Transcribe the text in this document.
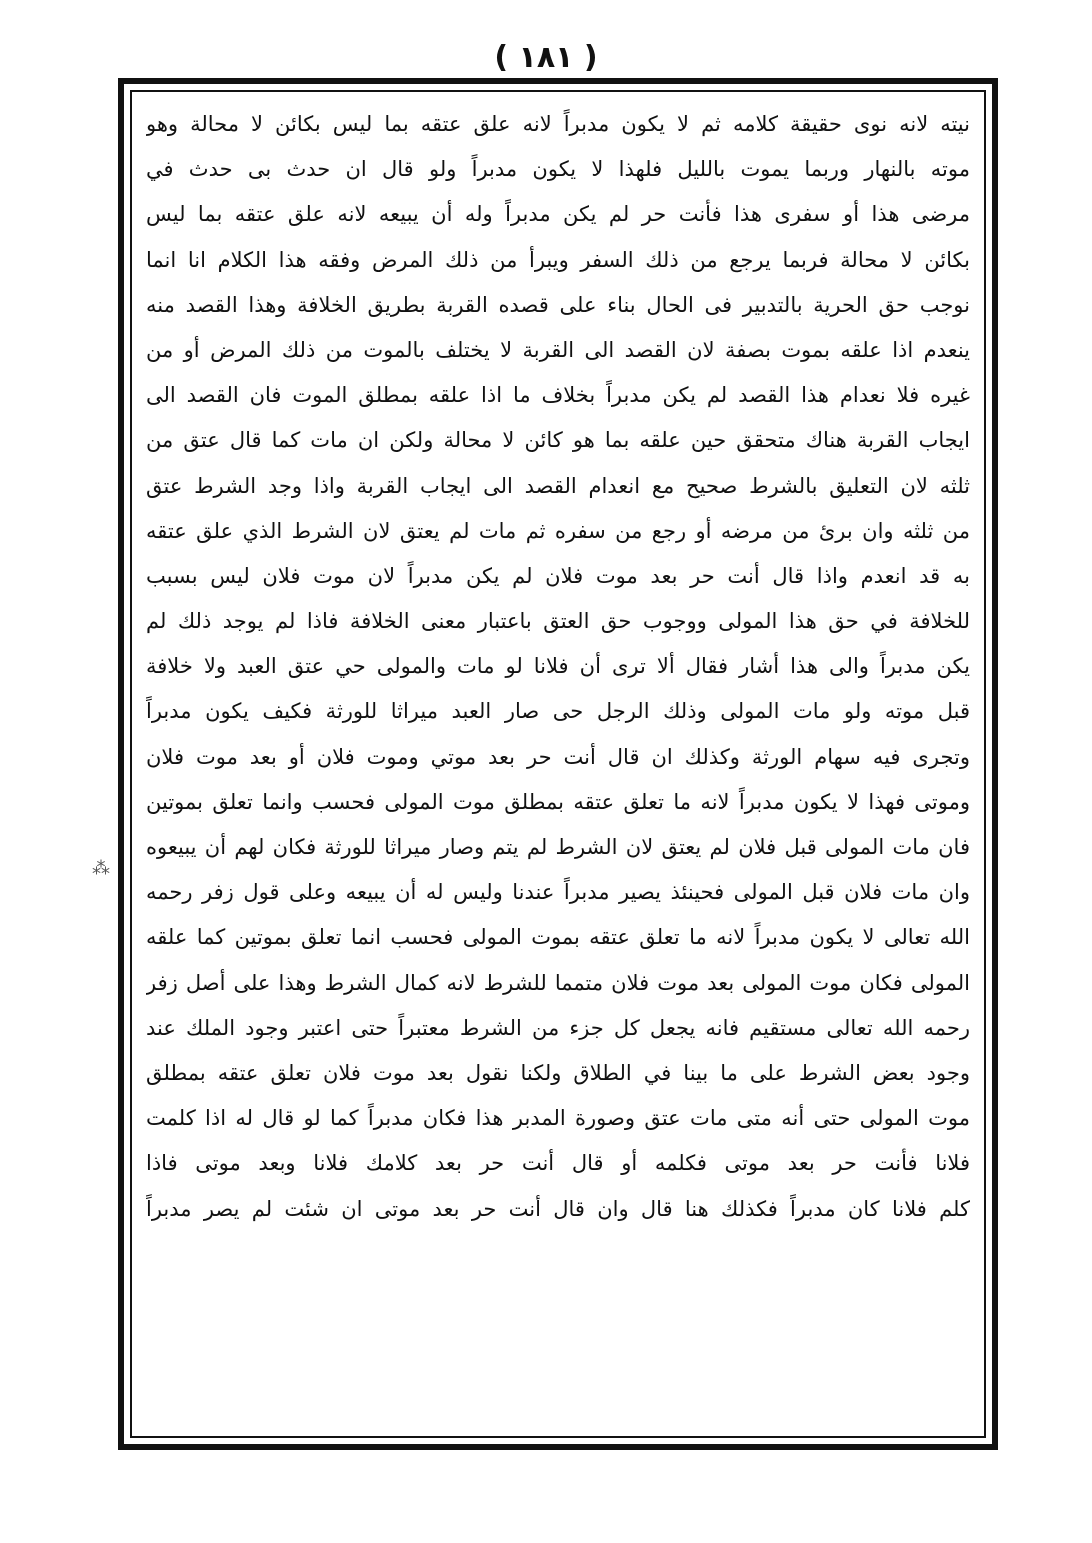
( ١٨١ )
⁂
نيته لانه نوى حقيقة كلامه ثم لا يكون مدبراً لانه علق عتقه بما ليس بكائن لا محالة وهو
موته بالنهار وربما يموت بالليل فلهذا لا يكون مدبراً ولو قال ان حدث بى حدث في
مرضى هذا أو سفرى هذا فأنت حر لم يكن مدبراً وله أن يبيعه لانه علق عتقه بما ليس
بكائن لا محالة فربما يرجع من ذلك السفر ويبرأ من ذلك المرض وفقه هذا الكلام انا انما
نوجب حق الحرية بالتدبير فى الحال بناء على قصده القربة بطريق الخلافة وهذا القصد منه
ينعدم اذا علقه بموت بصفة لان القصد الى القربة لا يختلف بالموت من ذلك المرض أو من
غيره فلا نعدام هذا القصد لم يكن مدبراً بخلاف ما اذا علقه بمطلق الموت فان القصد الى
ايجاب القربة هناك متحقق حين علقه بما هو كائن لا محالة ولكن ان مات كما قال عتق من
ثلثه لان التعليق بالشرط صحيح مع انعدام القصد الى ايجاب القربة واذا وجد الشرط عتق
من ثلثه وان برئ من مرضه أو رجع من سفره ثم مات لم يعتق لان الشرط الذي علق عتقه
به قد انعدم واذا قال أنت حر بعد موت فلان لم يكن مدبراً لان موت فلان ليس بسبب
للخلافة في حق هذا المولى ووجوب حق العتق باعتبار معنى الخلافة فاذا لم يوجد ذلك لم
يكن مدبراً والى هذا أشار فقال ألا ترى أن فلانا لو مات والمولى حي عتق العبد ولا خلافة
قبل موته ولو مات المولى وذلك الرجل حى صار العبد ميراثا للورثة فكيف يكون مدبراً
وتجرى فيه سهام الورثة وكذلك ان قال أنت حر بعد موتي وموت فلان أو بعد موت فلان
وموتى فهذا لا يكون مدبراً لانه ما تعلق عتقه بمطلق موت المولى فحسب وانما تعلق بموتين
فان مات المولى قبل فلان لم يعتق لان الشرط لم يتم وصار ميراثا للورثة فكان لهم أن يبيعوه
وان مات فلان قبل المولى فحينئذ يصير مدبراً عندنا وليس له أن يبيعه وعلى قول زفر رحمه
الله تعالى لا يكون مدبراً لانه ما تعلق عتقه بموت المولى فحسب انما تعلق بموتين كما علقه
المولى فكان موت المولى بعد موت فلان متمما للشرط لانه كمال الشرط وهذا على أصل زفر
رحمه الله تعالى مستقيم فانه يجعل كل جزء من الشرط معتبراً حتى اعتبر وجود الملك عند
وجود بعض الشرط على ما بينا في الطلاق ولكنا نقول بعد موت فلان تعلق عتقه بمطلق
موت المولى حتى أنه متى مات عتق وصورة المدبر هذا فكان مدبراً كما لو قال له اذا كلمت
فلانا فأنت حر بعد موتى فكلمه أو قال أنت حر بعد كلامك فلانا وبعد موتى فاذا
كلم فلانا كان مدبراً فكذلك هنا قال وان قال أنت حر بعد موتى ان شئت لم يصر مدبراً
